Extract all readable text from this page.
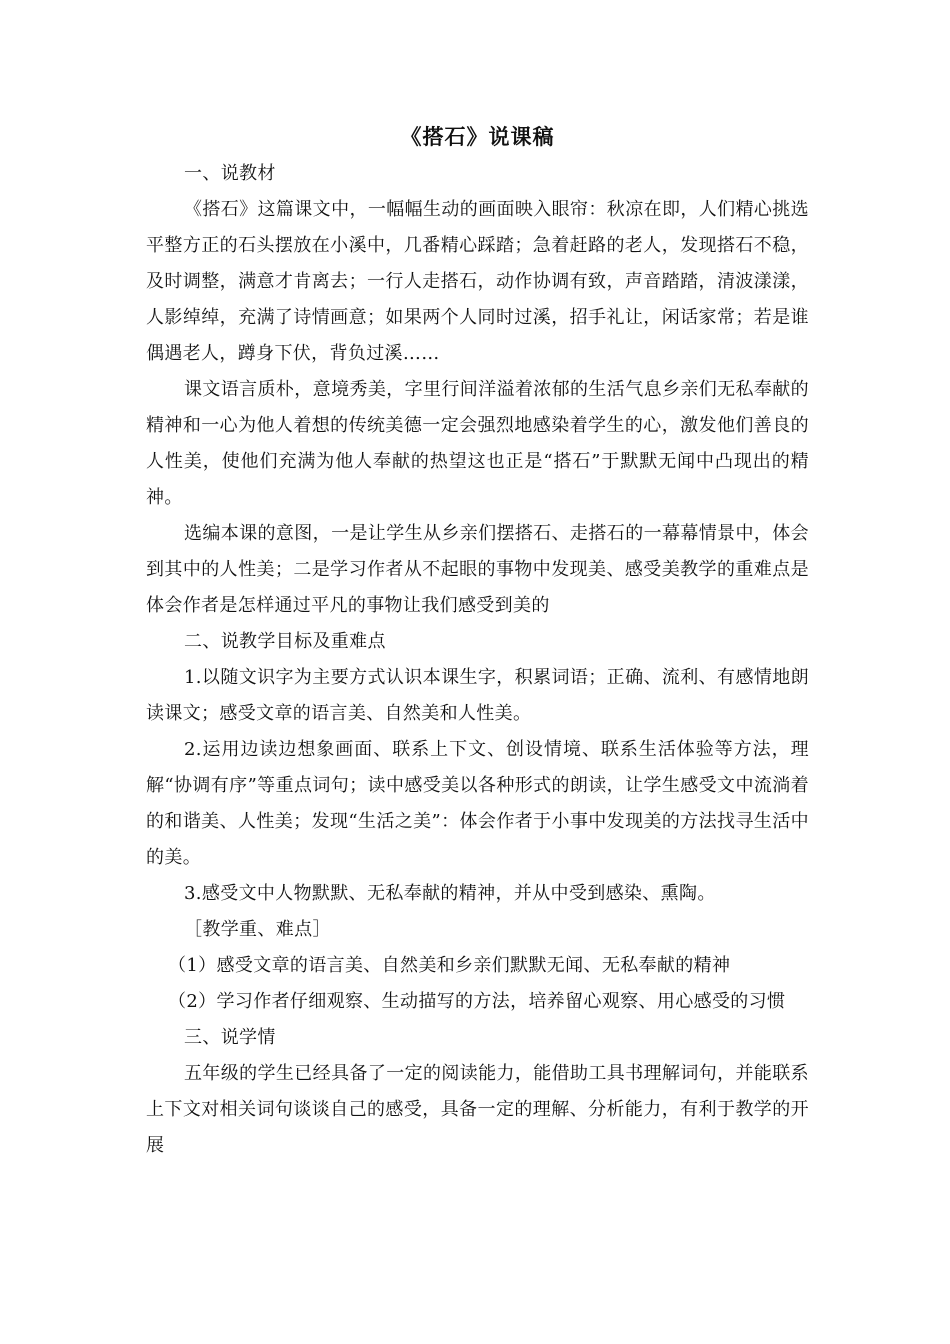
《搭石》说课稿

一、说教材

《搭石》这篇课文中，一幅幅生动的画面映入眼帘：秋凉在即，人们精心挑选平整方正的石头摆放在小溪中，几番精心踩踏；急着赶路的老人，发现搭石不稳，及时调整，满意才肯离去；一行人走搭石，动作协调有致，声音踏踏，清波漾漾，人影绰绰，充满了诗情画意；如果两个人同时过溪，招手礼让，闲话家常；若是谁偶遇老人，蹲身下伏，背负过溪……

课文语言质朴，意境秀美，字里行间洋溢着浓郁的生活气息乡亲们无私奉献的精神和一心为他人着想的传统美德一定会强烈地感染着学生的心，激发他们善良的人性美，使他们充满为他人奉献的热望这也正是“搭石”于默默无闻中凸现出的精神。

选编本课的意图，一是让学生从乡亲们摆搭石、走搭石的一幕幕情景中，体会到其中的人性美；二是学习作者从不起眼的事物中发现美、感受美教学的重难点是体会作者是怎样通过平凡的事物让我们感受到美的

二、说教学目标及重难点

1.以随文识字为主要方式认识本课生字，积累词语；正确、流利、有感情地朗读课文；感受文章的语言美、自然美和人性美。

2.运用边读边想象画面、联系上下文、创设情境、联系生活体验等方法，理解“协调有序”等重点词句；读中感受美以各种形式的朗读，让学生感受文中流淌着的和谐美、人性美；发现“生活之美”：体会作者于小事中发现美的方法找寻生活中的美。

3.感受文中人物默默、无私奉献的精神，并从中受到感染、熏陶。

［教学重、难点］

（1）感受文章的语言美、自然美和乡亲们默默无闻、无私奉献的精神

（2）学习作者仔细观察、生动描写的方法，培养留心观察、用心感受的习惯

三、说学情

五年级的学生已经具备了一定的阅读能力，能借助工具书理解词句，并能联系上下文对相关词句谈谈自己的感受，具备一定的理解、分析能力，有利于教学的开展
